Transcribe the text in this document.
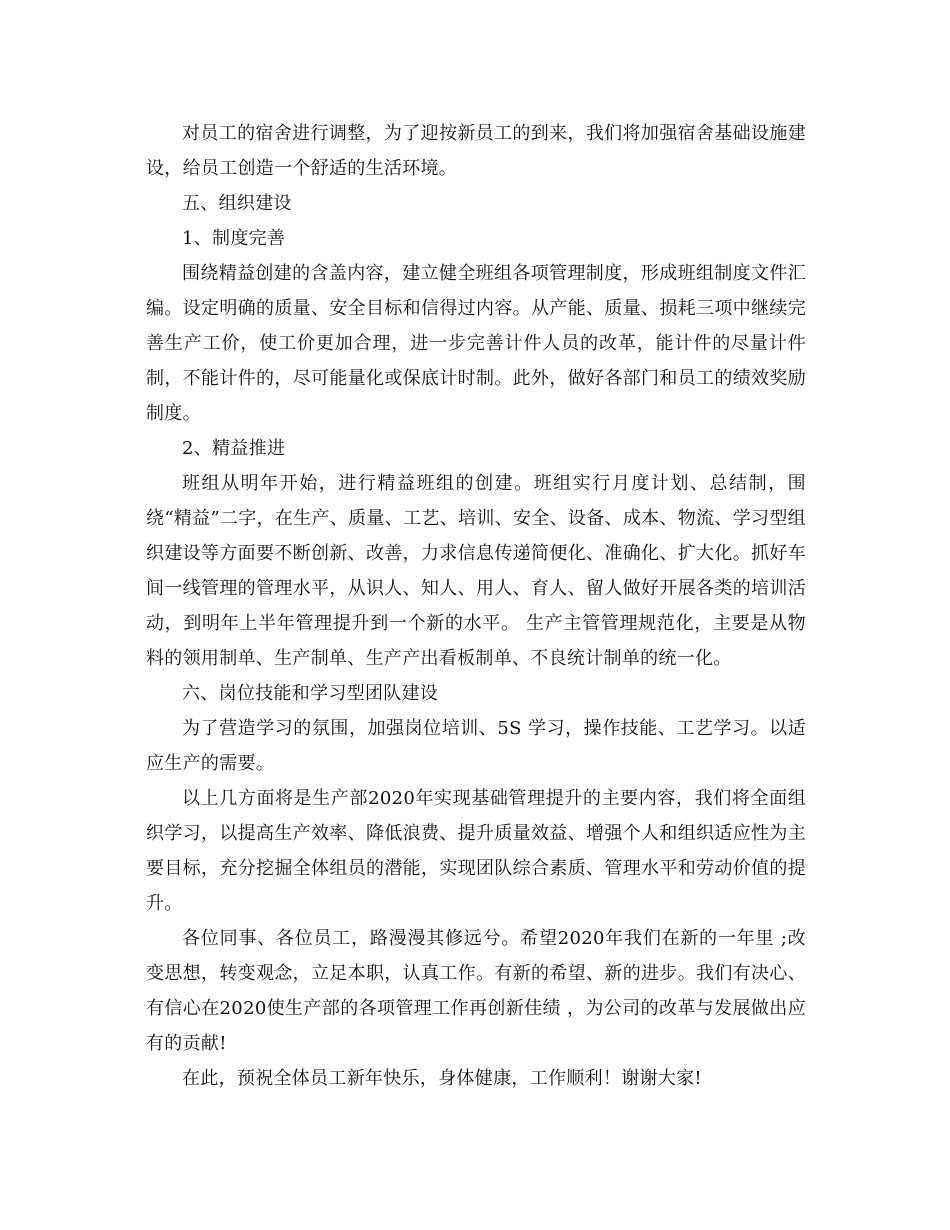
对员工的宿舍进行调整，为了迎按新员工的到来，我们将加强宿舍基础设施建设，给员工创造一个舒适的生活环境。

五、组织建设

1、制度完善

围绕精益创建的含盖内容，建立健全班组各项管理制度，形成班组制度文件汇编。设定明确的质量、安全目标和信得过内容。从产能、质量、损耗三项中继续完善生产工价，使工价更加合理，进一步完善计件人员的改革，能计件的尽量计件制，不能计件的，尽可能量化或保底计时制。此外，做好各部门和员工的绩效奖励制度。

2、精益推进

班组从明年开始，进行精益班组的创建。班组实行月度计划、总结制，围绕“精益”二字，在生产、质量、工艺、培训、安全、设备、成本、物流、学习型组织建设等方面要不断创新、改善，力求信息传递简便化、准确化、扩大化。抓好车间一线管理的管理水平，从识人、知人、用人、育人、留人做好开展各类的培训活动，到明年上半年管理提升到一个新的水平。 生产主管管理规范化，主要是从物料的领用制单、生产制单、生产产出看板制单、不良统计制单的统一化。

六、岗位技能和学习型团队建设

为了营造学习的氛围，加强岗位培训、5S 学习，操作技能、工艺学习。以适应生产的需要。

以上几方面将是生产部2020年实现基础管理提升的主要内容，我们将全面组织学习，以提高生产效率、降低浪费、提升质量效益、增强个人和组织适应性为主要目标，充分挖掘全体组员的潜能，实现团队综合素质、管理水平和劳动价值的提升。

各位同事、各位员工，路漫漫其修远兮。希望2020年我们在新的一年里 ;改变思想，转变观念，立足本职，认真工作。有新的希望、新的进步。我们有决心、有信心在2020使生产部的各项管理工作再创新佳绩 ，为公司的改革与发展做出应有的贡献!

在此，预祝全体员工新年快乐，身体健康，工作顺利！谢谢大家!
